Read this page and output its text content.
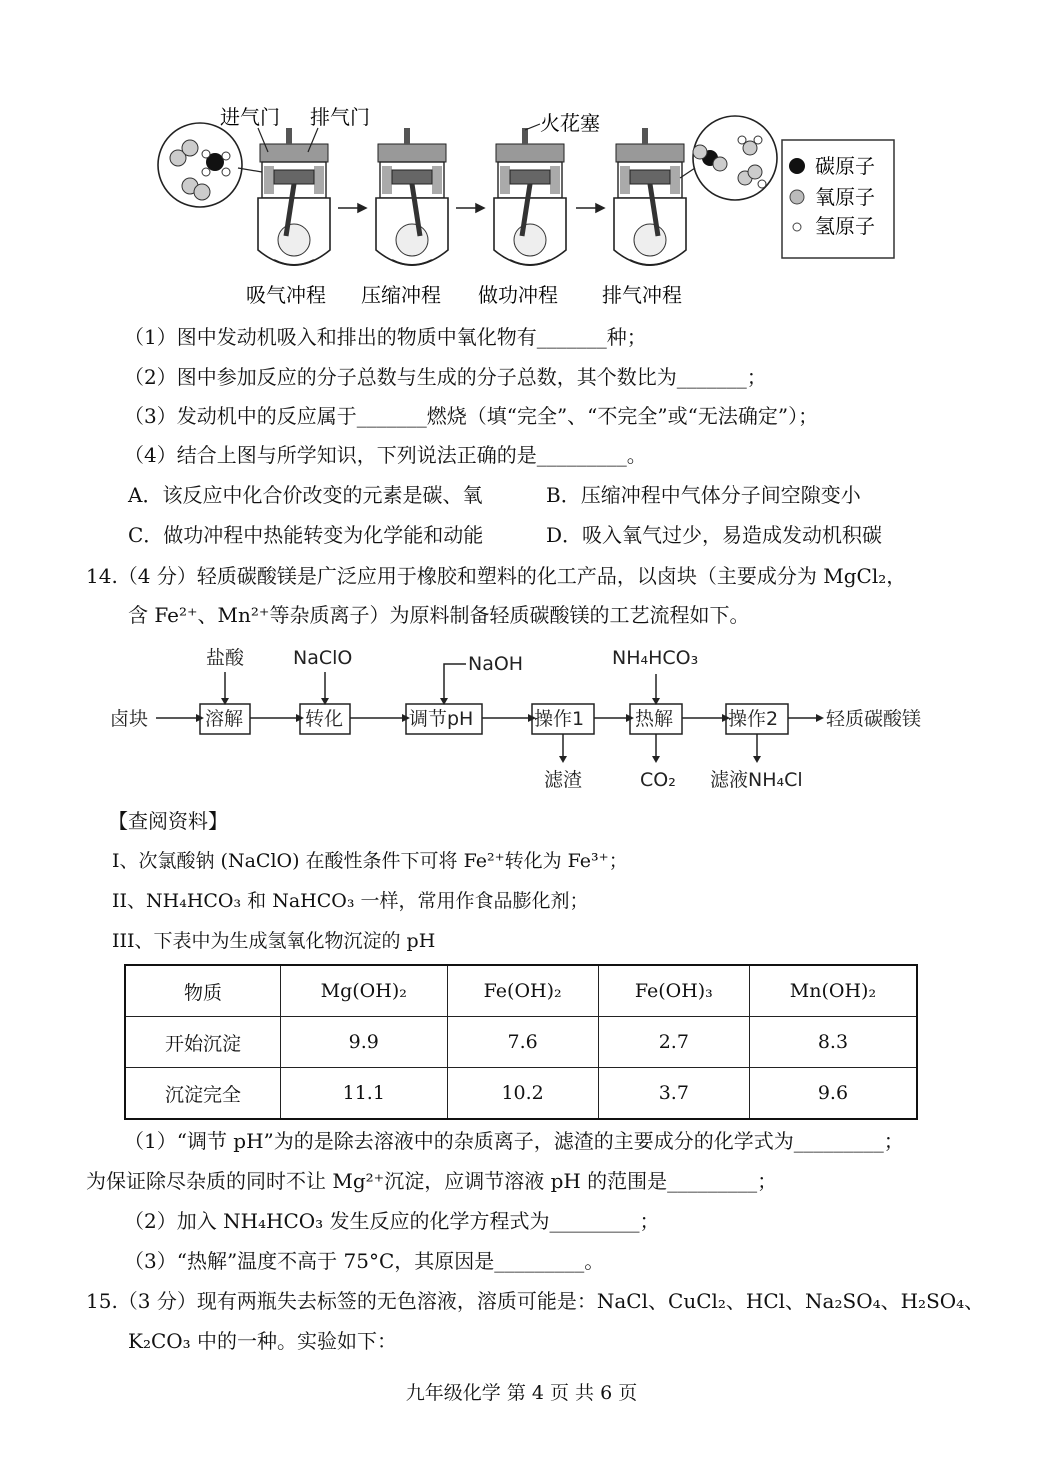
碳原子
氧原子
氢原子
进气门 排气门	火花塞
吸气冲程 压缩冲程 做功冲程 排气冲程
（1）图中发动机吸入和排出的物质中氧化物有_______种；
（2）图中参加反应的分子总数与生成的分子总数，其个数比为_______；
（3）发动机中的反应属于_______燃烧（填“完全”、“不完全”或“无法确定”）；
（4）结合上图与所学知识，下列说法正确的是_________。
A．该反应中化合价改变的元素是碳、氧	B．压缩冲程中气体分子间空隙变小
C．做功冲程中热能转变为化学能和动能	D．吸入氧气过少，易造成发动机积碳
14.（4 分）轻质碳酸镁是广泛应用于橡胶和塑料的化工产品，以卤块（主要成分为 MgCl₂，
含 Fe²⁺、Mn²⁺等杂质离子）为原料制备轻质碳酸镁的工艺流程如下。
卤块	溶解	转化	调节pH	操作1	热解	操作2	轻质碳酸镁
盐酸	NaClO	NaOH	NH₄HCO₃
滤渣	CO₂ 滤液NH₄Cl
【查阅资料】
I、次氯酸钠 (NaClO) 在酸性条件下可将 Fe²⁺转化为 Fe³⁺；
II、NH₄HCO₃ 和 NaHCO₃ 一样，常用作食品膨化剂；
III、下表中为生成氢氧化物沉淀的 pH
物质	Mg(OH)₂	Fe(OH)₂	Fe(OH)₃	Mn(OH)₂
开始沉淀	9.9	7.6	2.7	8.3
沉淀完全	11.1	10.2	3.7	9.6
（1）“调节 pH”为的是除去溶液中的杂质离子，滤渣的主要成分的化学式为_________；
为保证除尽杂质的同时不让 Mg²⁺沉淀，应调节溶液 pH 的范围是_________；
（2）加入 NH₄HCO₃ 发生反应的化学方程式为_________；
（3）“热解”温度不高于 75°C，其原因是_________。
15.（3 分）现有两瓶失去标签的无色溶液，溶质可能是：NaCl、CuCl₂、HCl、Na₂SO₄、H₂SO₄、
K₂CO₃ 中的一种。实验如下：
九年级化学 第 4 页 共 6 页
